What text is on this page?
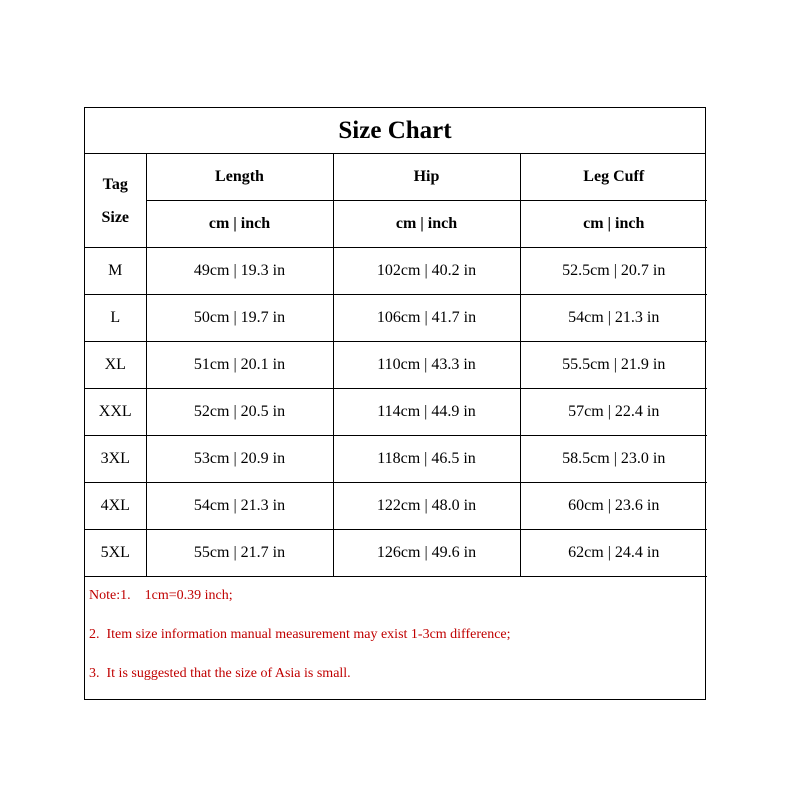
Size Chart
Tag
Size	Length	Hip	Leg Cuff
	cm | inch	cm | inch	cm | inch
M	49cm | 19.3 in	102cm | 40.2 in	52.5cm | 20.7 in
L	50cm | 19.7 in	106cm | 41.7 in	54cm | 21.3 in
XL	51cm | 20.1 in	110cm | 43.3 in	55.5cm | 21.9 in
XXL	52cm | 20.5 in	114cm | 44.9 in	57cm | 22.4 in
3XL	53cm | 20.9 in	118cm | 46.5 in	58.5cm | 23.0 in
4XL	54cm | 21.3 in	122cm | 48.0 in	60cm | 23.6 in
5XL	55cm | 21.7 in	126cm | 49.6 in	62cm | 24.4 in
Note:1.    1cm=0.39 inch;
2.  Item size information manual measurement may exist 1-3cm difference;
3.  It is suggested that the size of Asia is small.
